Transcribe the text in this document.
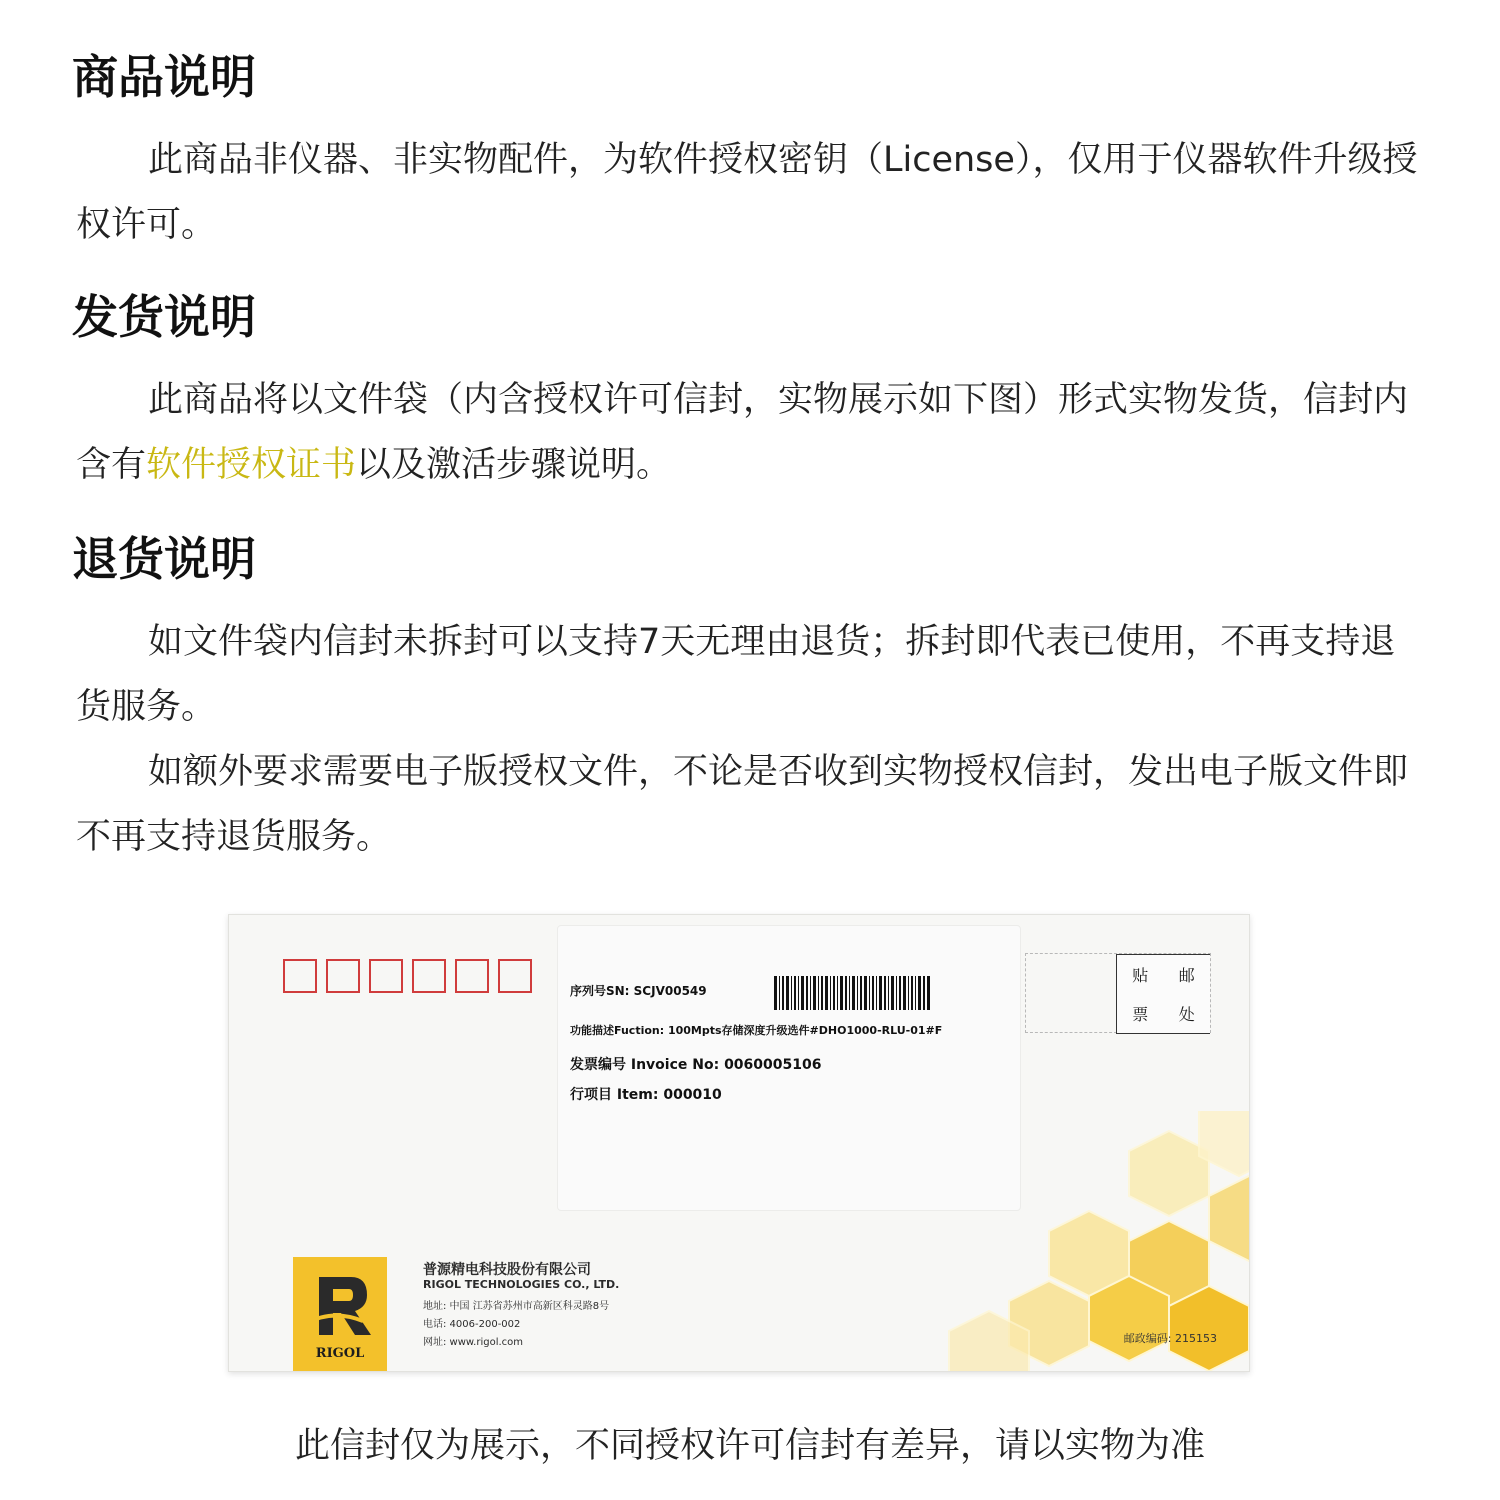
商品说明

此商品非仪器、非实物配件，为软件授权密钥（License），仅用于仪器软件升级授权许可。

发货说明

此商品将以文件袋（内含授权许可信封，实物展示如下图）形式实物发货，信封内含有软件授权证书以及激活步骤说明。

退货说明

如文件袋内信封未拆封可以支持7天无理由退货；拆封即代表已使用，不再支持退货服务。

如额外要求需要电子版授权文件，不论是否收到实物授权信封，发出电子版文件即不再支持退货服务。

序列号SN: SCJV00549
功能描述Fuction: 100Mpts存储深度升级选件#DHO1000-RLU-01#F
发票编号 Invoice No: 0060005106
行项目 Item: 000010
贴	邮
票	处
RIGOL
普源精电科技股份有限公司
RIGOL TECHNOLOGIES CO., LTD.
地址: 中国 江苏省苏州市高新区科灵路8号
电话: 4006-200-002
网址: www.rigol.com	邮政编码: 215153
此信封仅为展示，不同授权许可信封有差异，请以实物为准
